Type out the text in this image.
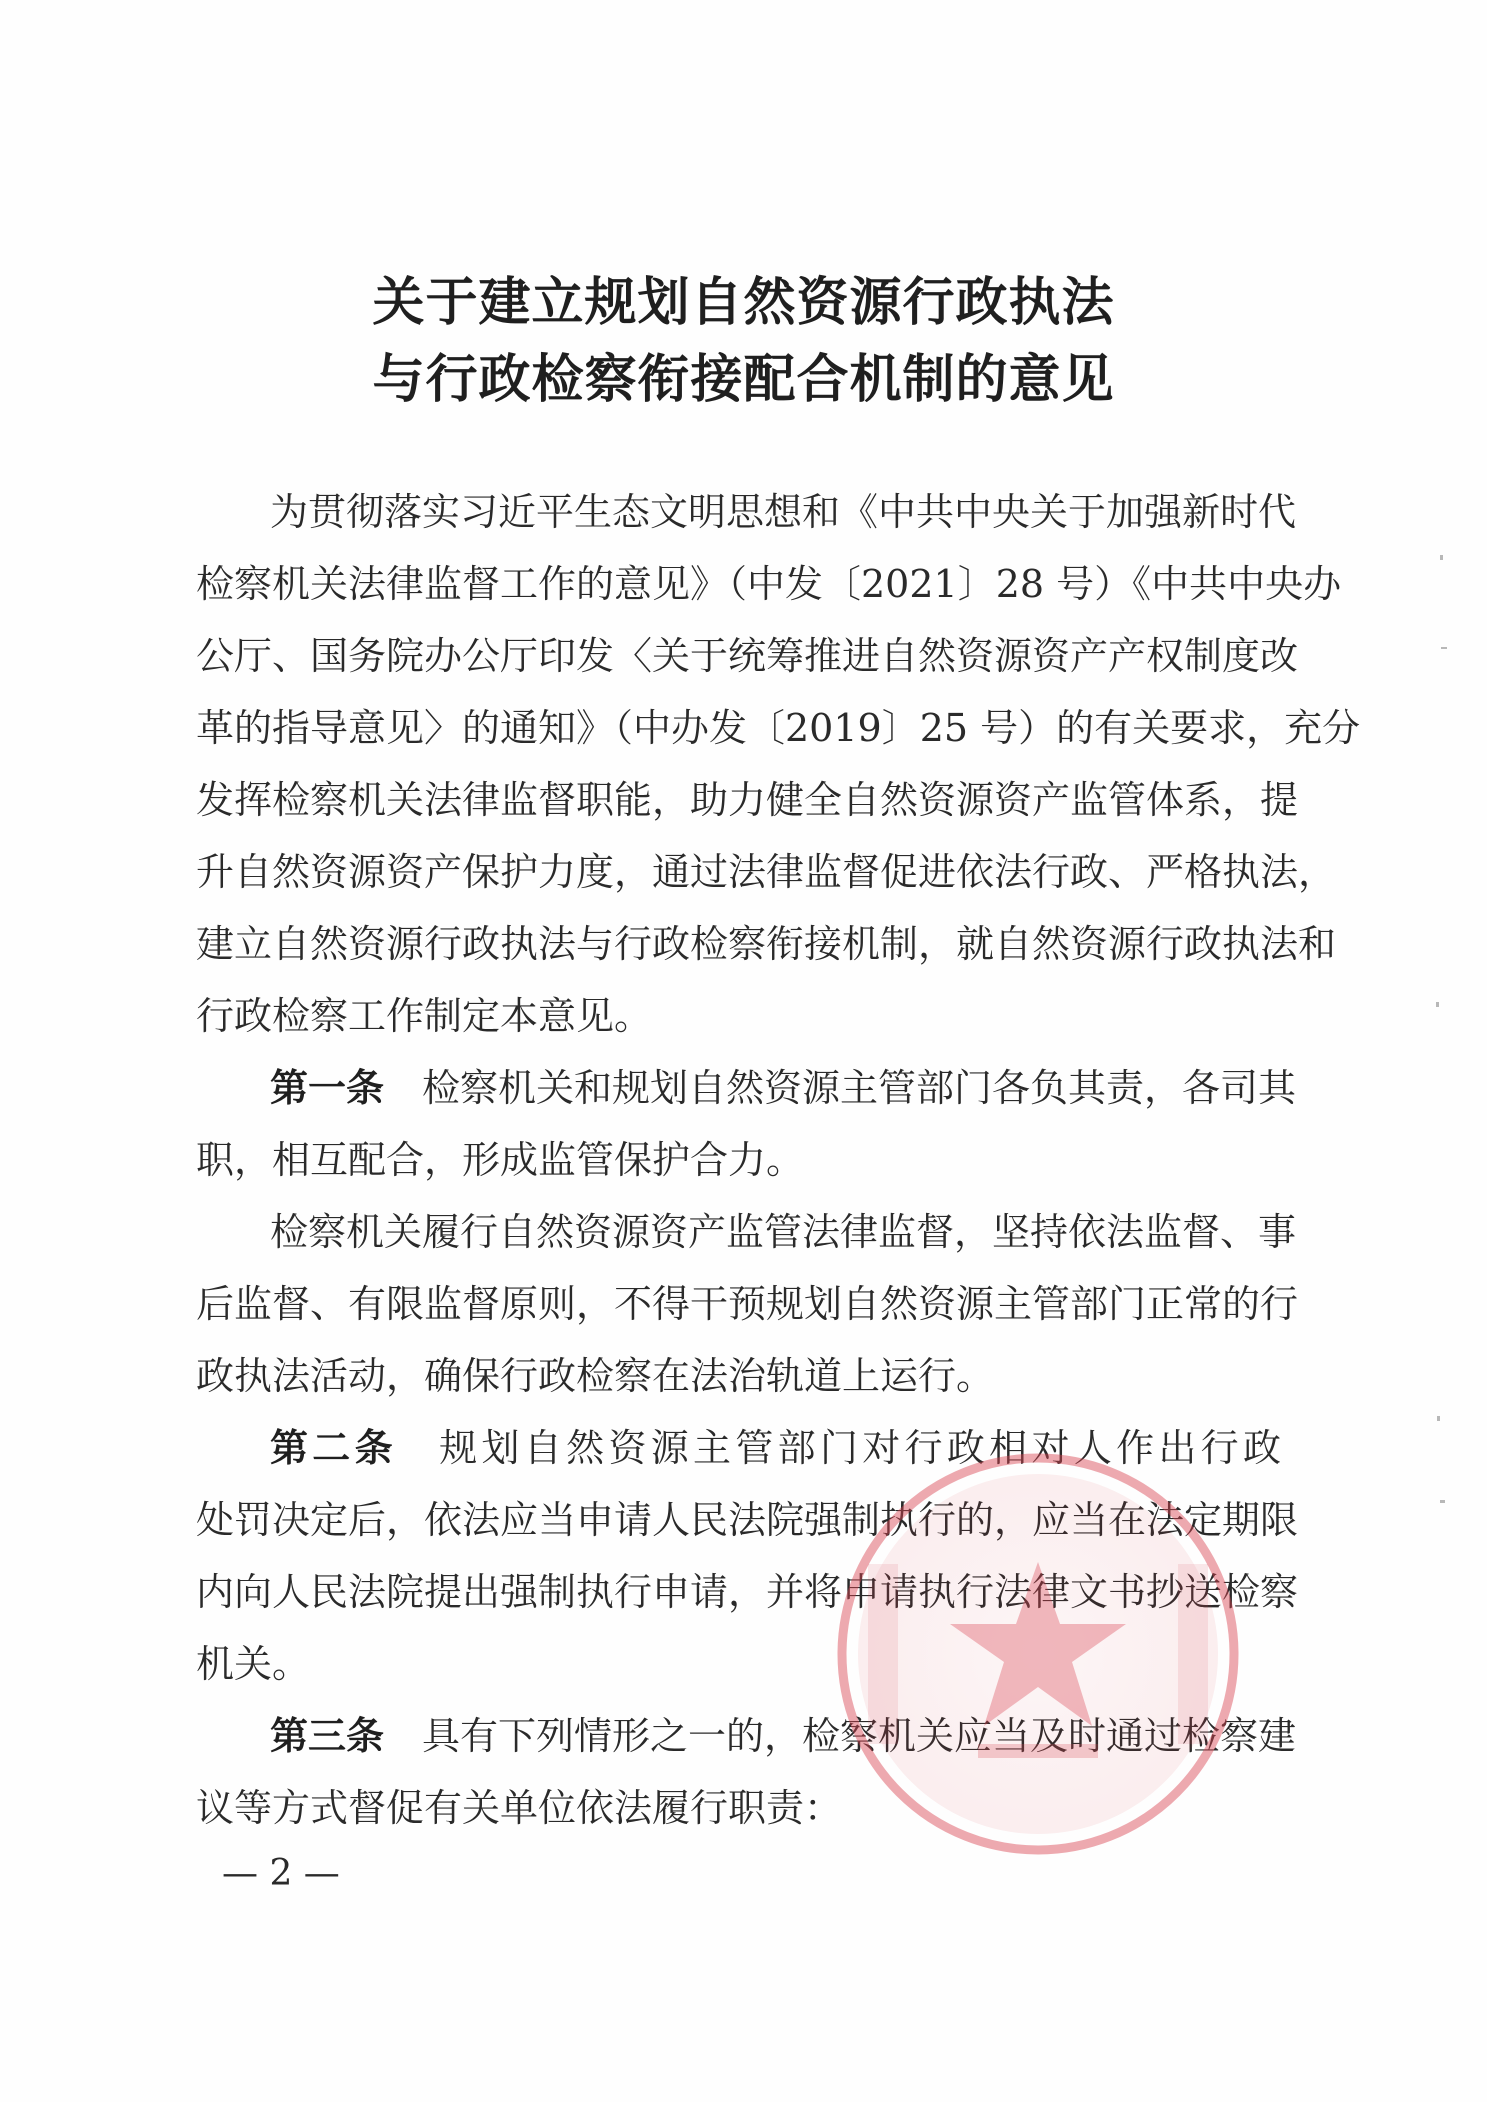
关于建立规划自然资源行政执法
与行政检察衔接配合机制的意见
为贯彻落实习近平生态文明思想和《中共中央关于加强新时代
检察机关法律监督工作的意见》（中发〔2021〕28 号）《中共中央办
公厅、国务院办公厅印发〈关于统筹推进自然资源资产产权制度改
革的指导意见〉的通知》（中办发〔2019〕25 号）的有关要求，充分
发挥检察机关法律监督职能，助力健全自然资源资产监管体系，提
升自然资源资产保护力度，通过法律监督促进依法行政、严格执法，
建立自然资源行政执法与行政检察衔接机制，就自然资源行政执法和
行政检察工作制定本意见。
第一条　 检察机关和规划自然资源主管部门各负其责，各司其
职，相互配合，形成监管保护合力。
检察机关履行自然资源资产监管法律监督，坚持依法监督、事
后监督、有限监督原则，不得干预规划自然资源主管部门正常的行
政执法活动，确保行政检察在法治轨道上运行。
第二条　 规划自然资源主管部门对行政相对人作出行政
处罚决定后，依法应当申请人民法院强制执行的，应当在法定期限
内向人民法院提出强制执行申请，并将申请执行法律文书抄送检察
机关。
第三条　 具有下列情形之一的，检察机关应当及时通过检察建
议等方式督促有关单位依法履行职责：
— 2 —
